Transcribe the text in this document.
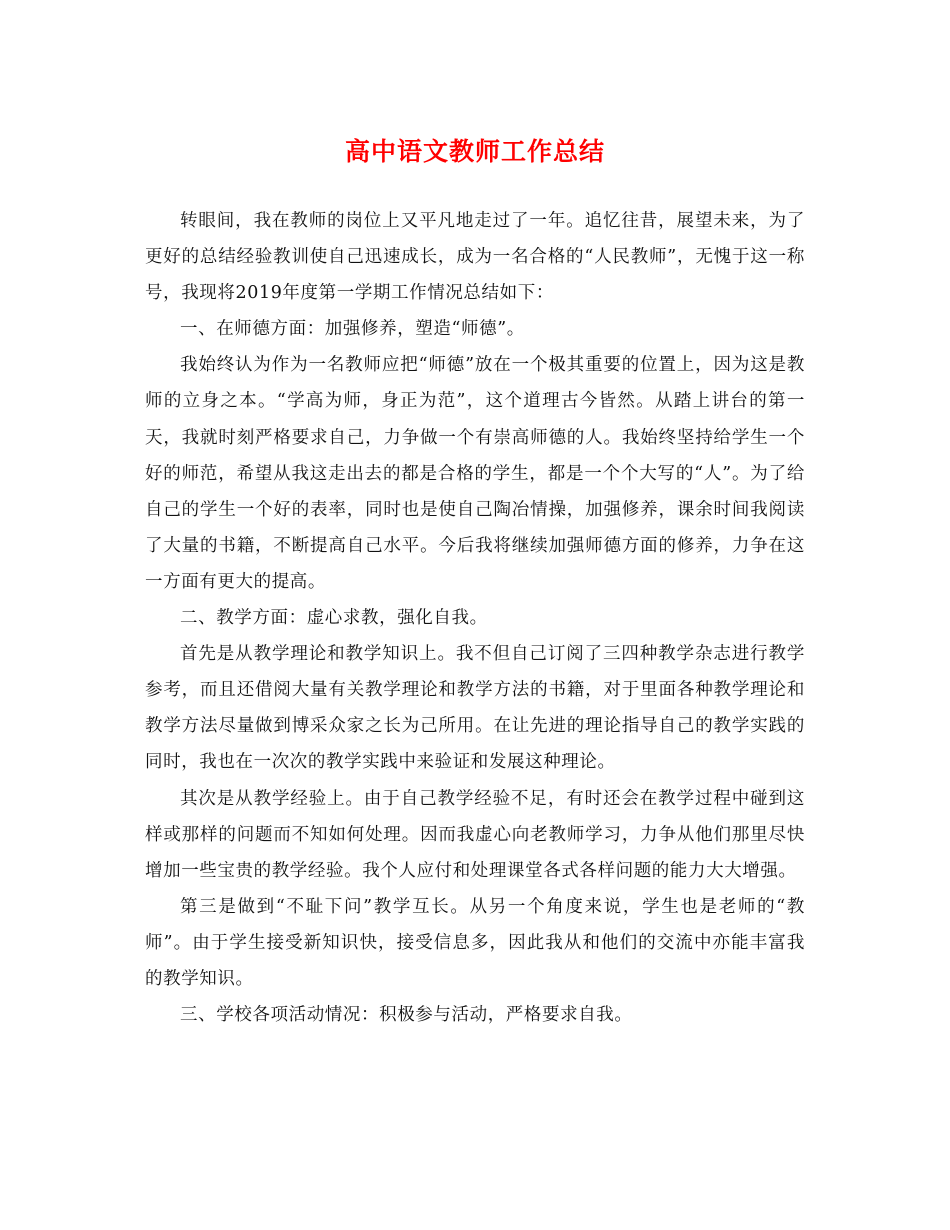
高中语文教师工作总结

转眼间，我在教师的岗位上又平凡地走过了一年。追忆往昔，展望未来，为了更好的总结经验教训使自己迅速成长，成为一名合格的“人民教师”，无愧于这一称号，我现将2019年度第一学期工作情况总结如下：

一、在师德方面：加强修养，塑造“师德”。

我始终认为作为一名教师应把“师德”放在一个极其重要的位置上，因为这是教师的立身之本。“学高为师，身正为范”，这个道理古今皆然。从踏上讲台的第一天，我就时刻严格要求自己，力争做一个有崇高师德的人。我始终坚持给学生一个好的师范，希望从我这走出去的都是合格的学生，都是一个个大写的“人”。为了给自己的学生一个好的表率，同时也是使自己陶冶情操，加强修养，课余时间我阅读了大量的书籍，不断提高自己水平。今后我将继续加强师德方面的修养，力争在这一方面有更大的提高。

二、教学方面：虚心求教，强化自我。

首先是从教学理论和教学知识上。我不但自己订阅了三四种教学杂志进行教学参考，而且还借阅大量有关教学理论和教学方法的书籍，对于里面各种教学理论和教学方法尽量做到博采众家之长为己所用。在让先进的理论指导自己的教学实践的同时，我也在一次次的教学实践中来验证和发展这种理论。

其次是从教学经验上。由于自己教学经验不足，有时还会在教学过程中碰到这样或那样的问题而不知如何处理。因而我虚心向老教师学习，力争从他们那里尽快增加一些宝贵的教学经验。我个人应付和处理课堂各式各样问题的能力大大增强。

第三是做到“不耻下问”教学互长。从另一个角度来说，学生也是老师的“教师”。由于学生接受新知识快，接受信息多，因此我从和他们的交流中亦能丰富我的教学知识。

三、学校各项活动情况：积极参与活动，严格要求自我。
